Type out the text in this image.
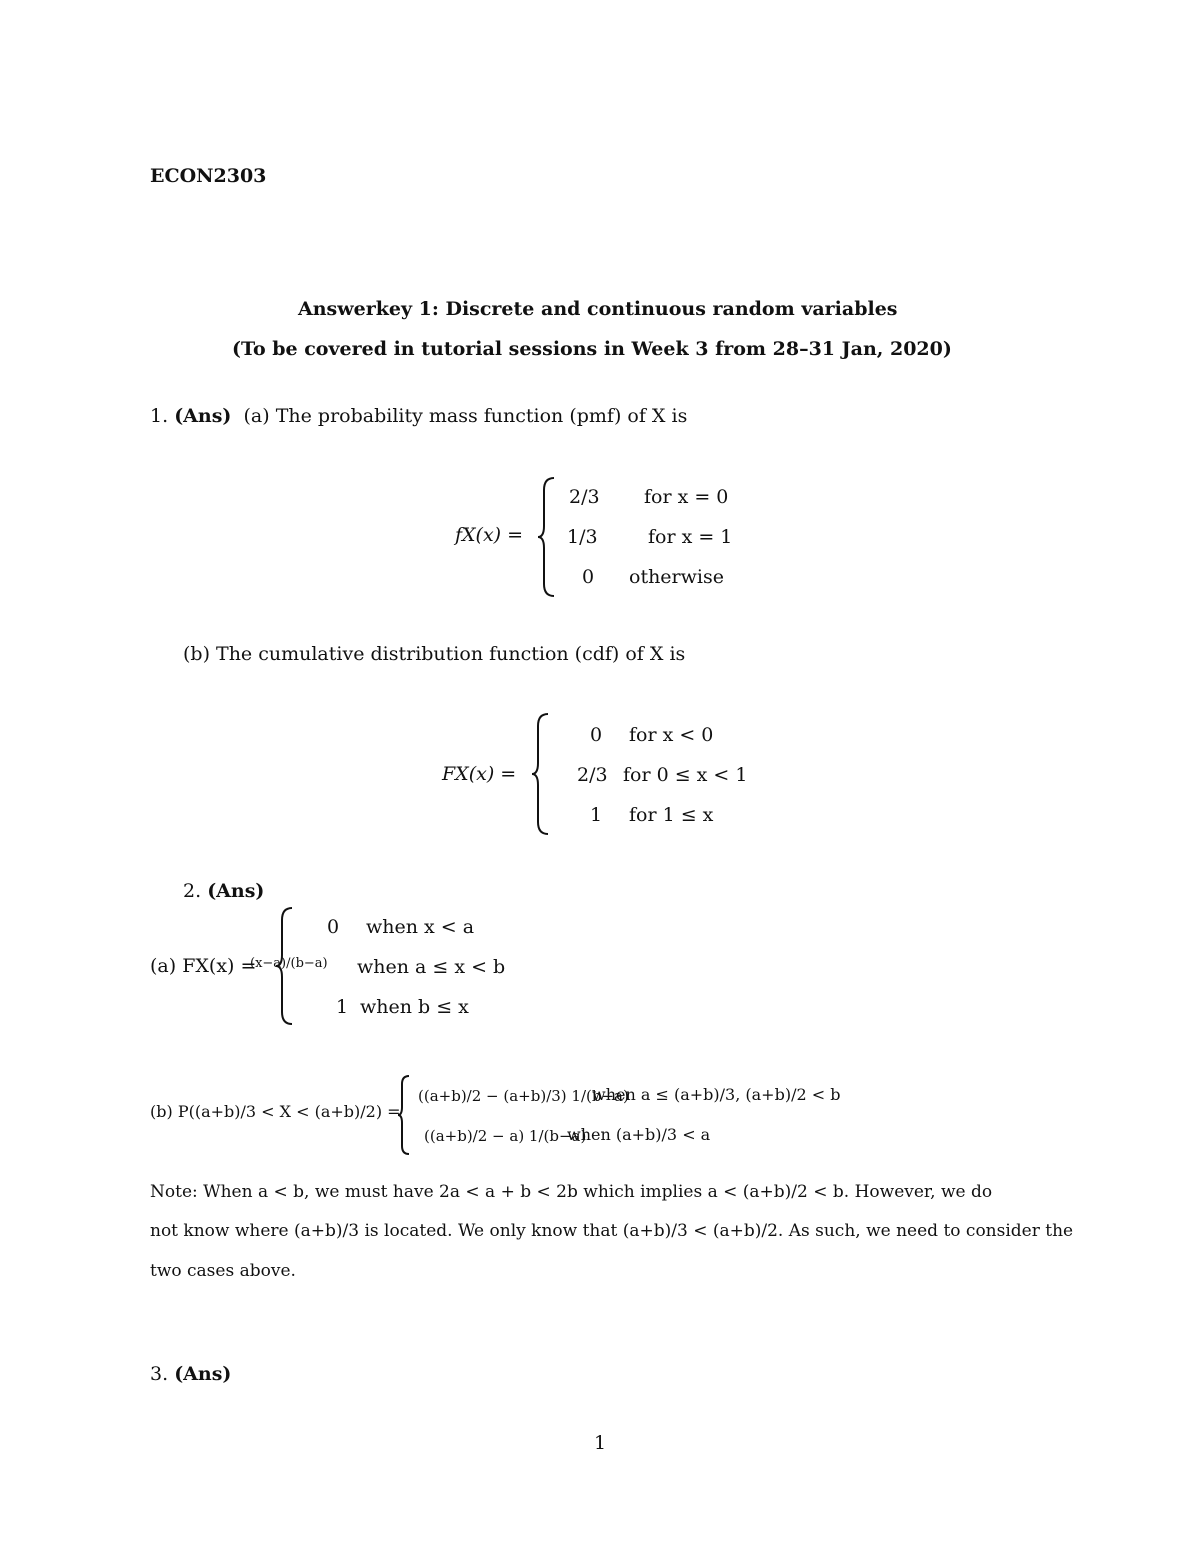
ECON2303
Answerkey 1: Discrete and continuous random variables
(To be covered in tutorial sessions in Week 3 from 28–31 Jan, 2020)
1. (Ans) (a) The probability mass function (pmf) of X is
fX(x) =
2/3 for x = 0
1/3	for x = 1
0 otherwise
(b) The cumulative distribution function (cdf) of X is
FX(x) =
0 for x < 0
2/3 for 0 ≤ x < 1
1 for 1 ≤ x
2. (Ans)
(a) FX(x) =
0 when x < a
(x−a)/(b−a) when a ≤ x < b
1 when b ≤ x
(b) P((a+b)/3 < X < (a+b)/2) =
((a+b)/2 − (a+b)/3) 1/(b−a)
when a ≤ (a+b)/3, (a+b)/2 < b
((a+b)/2 − a) 1/(b−a)
when (a+b)/3 < a
Note: When a < b, we must have 2a < a + b < 2b which implies a < (a+b)/2 < b. However, we do
not know where (a+b)/3 is located. We only know that (a+b)/3 < (a+b)/2. As such, we need to consider the
two cases above.
3. (Ans)
1
